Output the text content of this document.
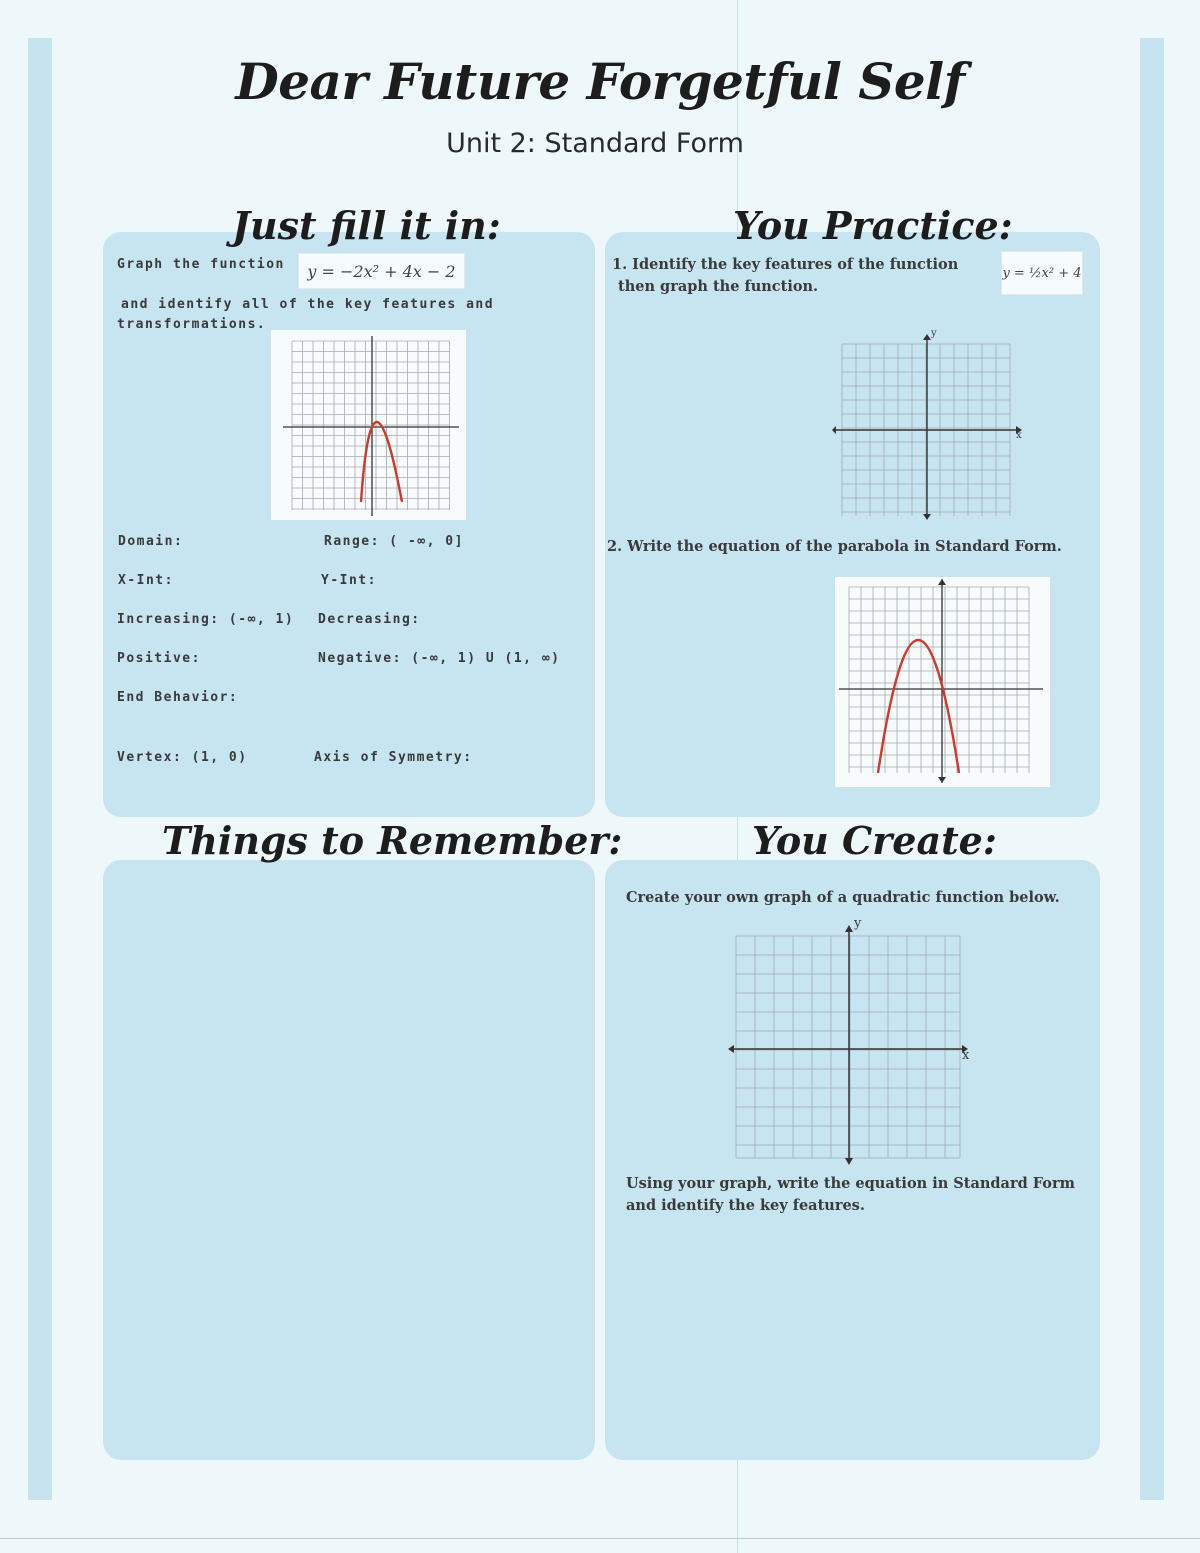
Dear Future Forgetful Self
Unit 2: Standard Form
Just fill it in:	You Practice:
Things to Remember:	You Create:
Graph the function	y = −2x² + 4x − 2
and identify all of the key features and
transformations.
Domain:	Range: ( -∞, 0]
X-Int:	Y-Int:
Increasing: (-∞, 1) Decreasing:
Positive:	Negative: (-∞, 1) U (1, ∞)
End Behavior:
Vertex: (1, 0)	Axis of Symmetry:
1. Identify the key features of the function
then graph the function.
y = ½x² + 4
x
y
2. Write the equation of the parabola in Standard Form.
Create your own graph of a quadratic function below.
x
y
Using your graph, write the equation in Standard Form
and identify the key features.
